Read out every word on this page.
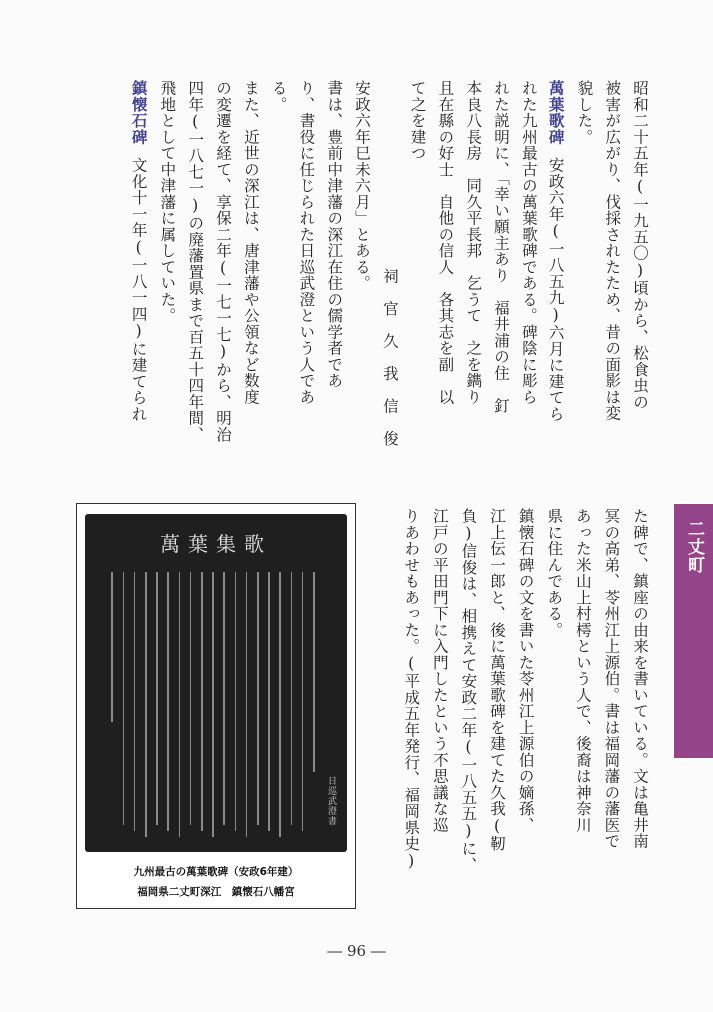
昭和二十五年(一九五〇)頃から、松食虫の
被害が広がり、伐採されたため、昔の面影は変
貌した。
萬葉歌碑安政六年(一八五九)六月に建てら
れた九州最古の萬葉歌碑である。碑陰に彫ら
れた説明に、「幸い願主あり　福井浦の住　釘
本良八長房　同久平長邦　乞うて　之を鐫り
且在縣の好士　自他の信人　各其志を副　以
て之を建つ
祠　官　久　我　信　俊
安政六年巳未六月」とある。
書は、豊前中津藩の深江在住の儒学者であ
り、書役に任じられた日巡武澄という人であ
る。
また、近世の深江は、唐津藩や公領など数度
の変遷を経て、享保二年(一七一七)から、明治
四年(一八七一)の廃藩置県まで百五十四年間、
飛地として中津藩に属していた。
鎮懐石碑文化十一年(一八一四)に建てられ
た碑で、鎮座の由来を書いている。文は亀井南
冥の高弟、苓州江上源伯。書は福岡藩の藩医で
あった米山上村樗という人で、後裔は神奈川
県に住んである。
鎮懐石碑の文を書いた苓州江上源伯の嫡孫、
江上伝一郎と、後に萬葉歌碑を建てた久我(靭
負)信俊は、相携えて安政二年(一八五五)に、
江戸の平田門下に入門したという不思議な巡
りあわせもあった。(平成五年発行、福岡県史)	二丈町
萬葉集歌
日巡武澄書
九州最古の萬葉歌碑（安政6年建）
福岡県二丈町深江　鎮懐石八幡宮
― 96 ―
